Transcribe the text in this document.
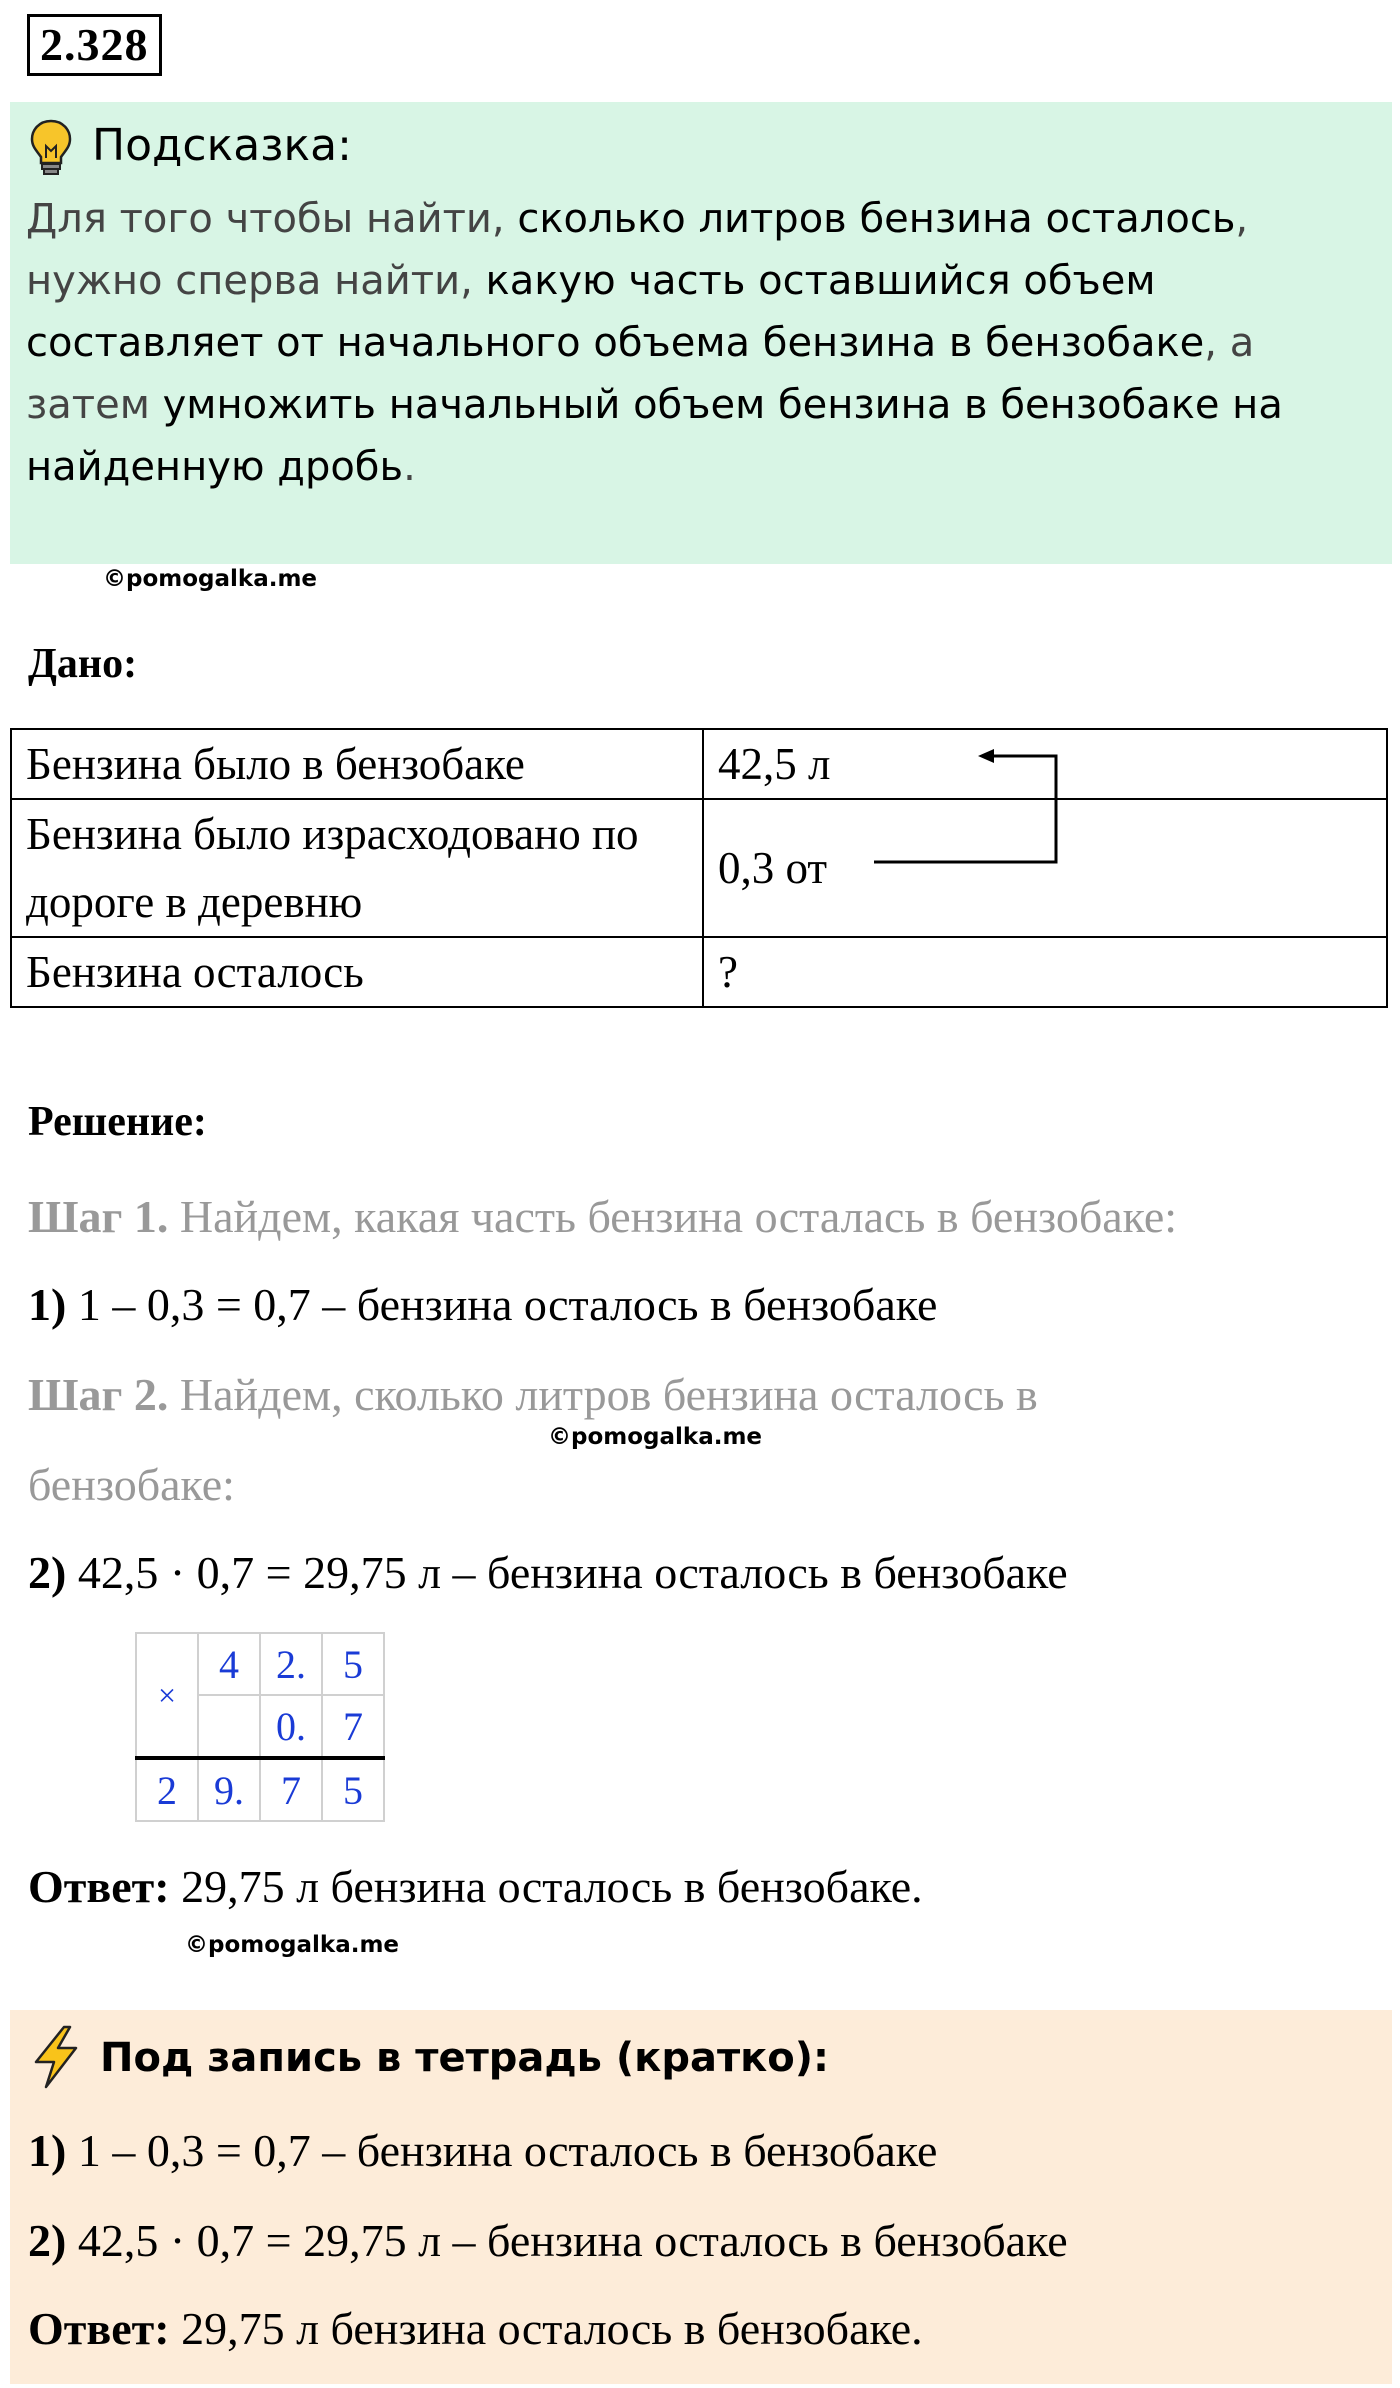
2.328
Подсказка:
Для того чтобы найти, сколько литров бензина осталось,
нужно сперва найти, какую часть оставшийся объем
составляет от начального объема бензина в бензобаке, а
затем умножить начальный объем бензина в бензобаке на
найденную дробь.
©pomogalka.me
Дано:
Бензина было в бензобаке	42,5 л
Бензина было израсходовано по дороге в деревню	0,3 от
Бензина осталось	?
Решение:
Шаг 1. Найдем, какая часть бензина осталась в бензобаке:
1) 1 – 0,3 = 0,7 – бензина осталось в бензобаке
Шаг 2. Найдем, сколько литров бензина осталось в
©pomogalka.me
бензобаке:
2) 42,5 · 0,7 = 29,75 л – бензина осталось в бензобаке
×	4	2.	5
		0.	7
2	9.	7	5
Ответ: 29,75 л бензина осталось в бензобаке.
©pomogalka.me
Под запись в тетрадь (кратко):
1) 1 – 0,3 = 0,7 – бензина осталось в бензобаке
2) 42,5 · 0,7 = 29,75 л – бензина осталось в бензобаке
Ответ: 29,75 л бензина осталось в бензобаке.
